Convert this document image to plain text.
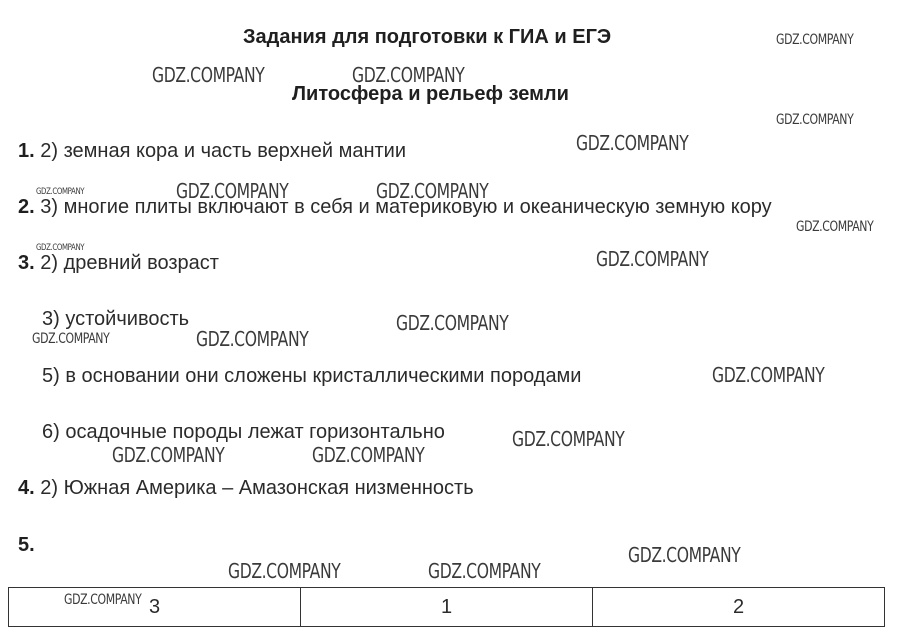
Задания для подготовки к ГИА и ЕГЭ
Литосфера и рельеф земли
1. 2) земная кора и часть верхней мантии
2. 3) многие плиты включают в себя и материковую и океаническую земную кору
3. 2) древний возраст
3) устойчивость
5) в основании они сложены кристаллическими породами
6) осадочные породы лежат горизонтально
4. 2) Южная Америка – Амазонская низменность
5.
3	1	2
GDZ.COMPANY
GDZ.COMPANY	GDZ.COMPANY
GDZ.COMPANY
GDZ.COMPANY
GDZ.COMPANY	GDZ.COMPANY	GDZ.COMPANY
GDZ.COMPANY
GDZ.COMPANY	GDZ.COMPANY
GDZ.COMPANY
GDZ.COMPANY	GDZ.COMPANY
GDZ.COMPANY
GDZ.COMPANY
GDZ.COMPANY	GDZ.COMPANY
GDZ.COMPANY
GDZ.COMPANY	GDZ.COMPANY
GDZ.COMPANY
